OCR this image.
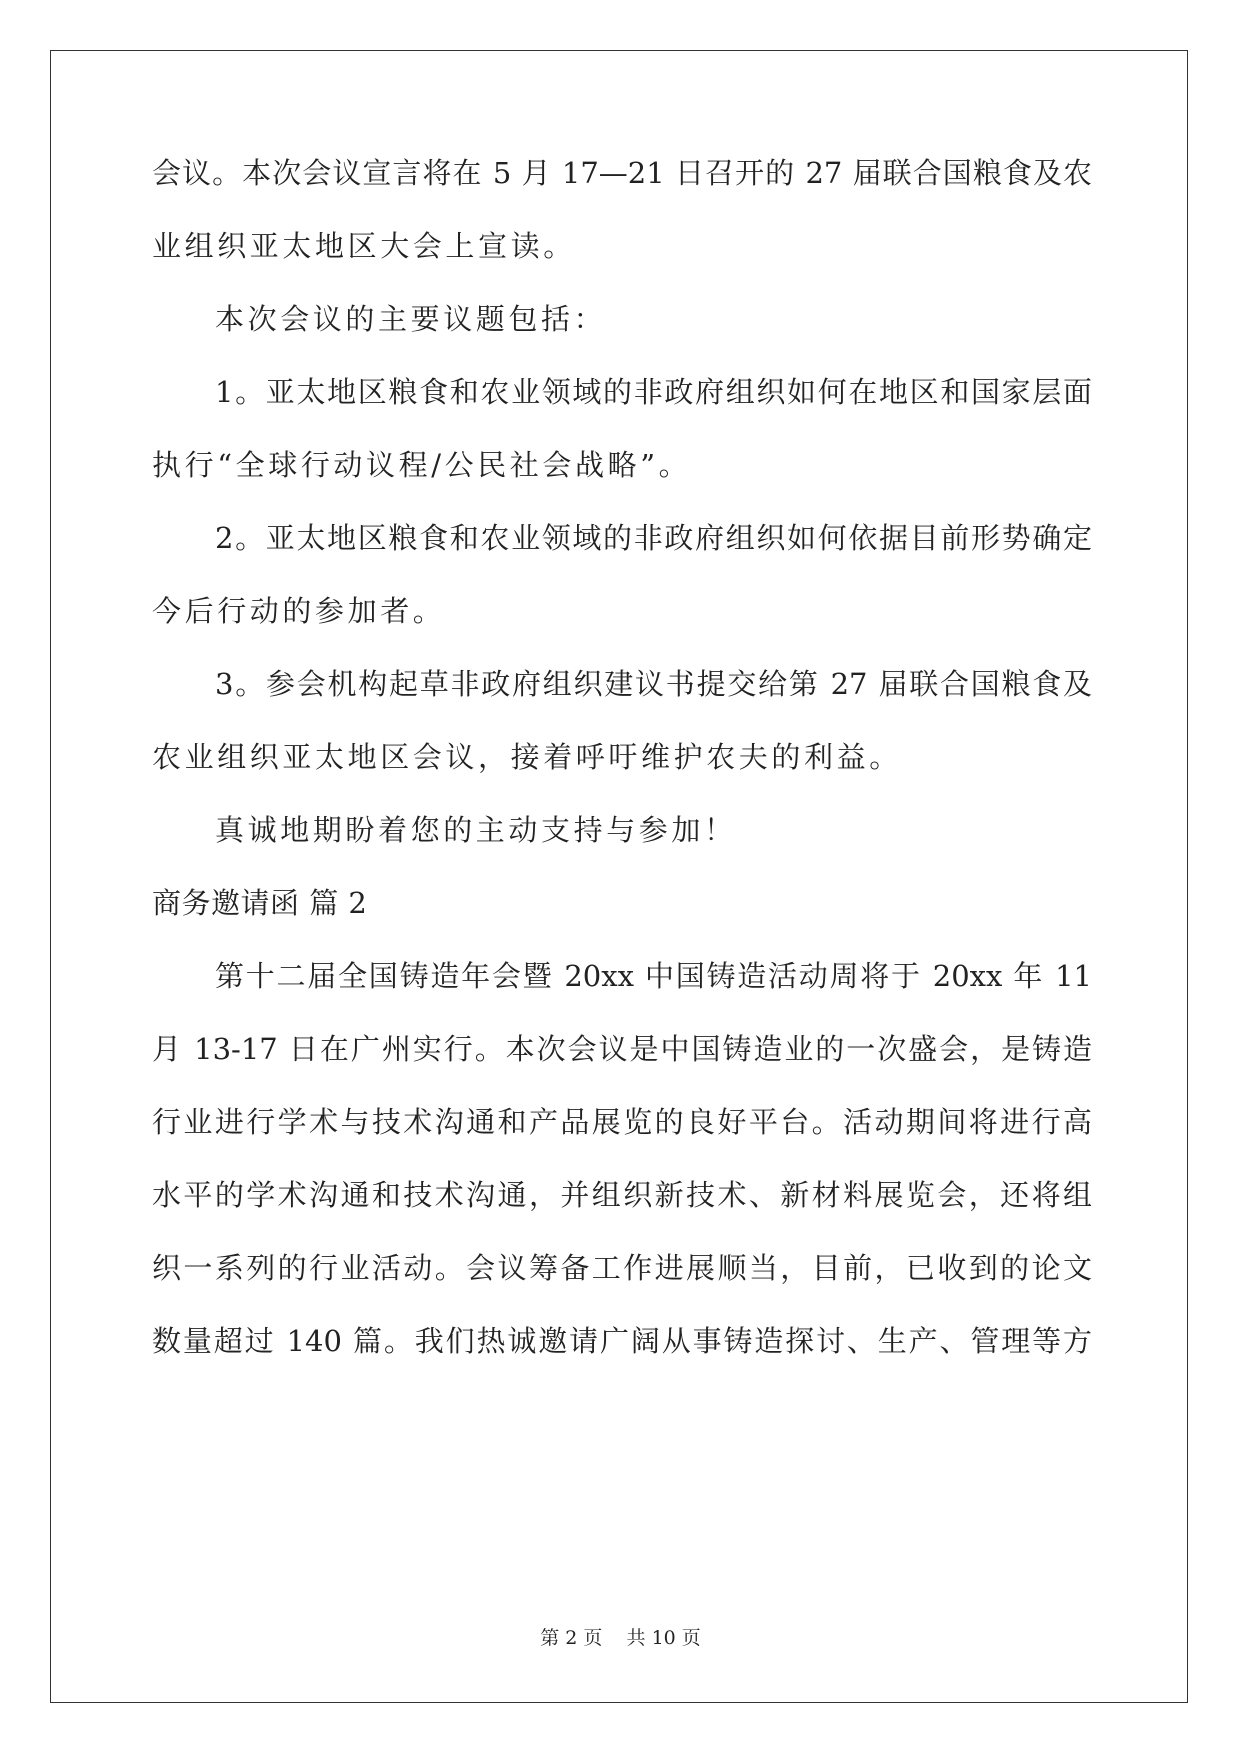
会议。本次会议宣言将在 5 月 17—21 日召开的 27 届联合国粮食及农
业组织亚太地区大会上宣读。
本次会议的主要议题包括：
1。亚太地区粮食和农业领域的非政府组织如何在地区和国家层面
执行“全球行动议程/公民社会战略”。
2。亚太地区粮食和农业领域的非政府组织如何依据目前形势确定
今后行动的参加者。
3。参会机构起草非政府组织建议书提交给第 27 届联合国粮食及
农业组织亚太地区会议，接着呼吁维护农夫的利益。
真诚地期盼着您的主动支持与参加！
商务邀请函 篇 2
第十二届全国铸造年会暨 20xx 中国铸造活动周将于 20xx 年 11
月 13-17 日在广州实行。本次会议是中国铸造业的一次盛会，是铸造
行业进行学术与技术沟通和产品展览的良好平台。活动期间将进行高
水平的学术沟通和技术沟通，并组织新技术、新材料展览会，还将组
织一系列的行业活动。会议筹备工作进展顺当，目前，已收到的论文
数量超过 140 篇。我们热诚邀请广阔从事铸造探讨、生产、管理等方
第 2 页    共 10 页
